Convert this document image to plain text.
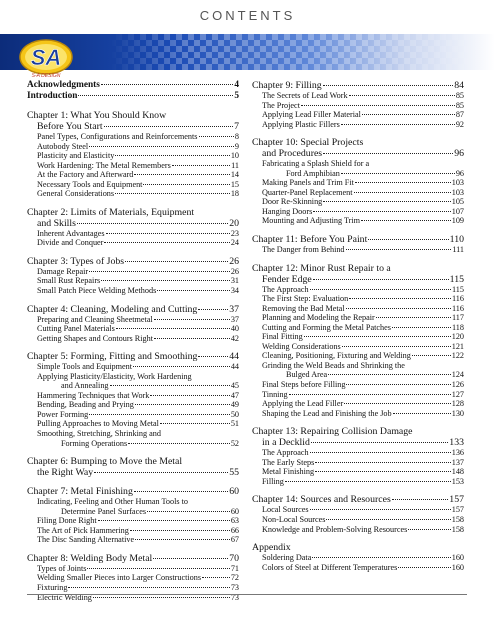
CONTENTS
SA
S-A DESIGN
Acknowledgments	4
Introduction	5
Chapter 1: What You Should Know
Before You Start	7
Panel Types, Configurations and Reinforcements	8
Autobody Steel	9
Plasticity and Elasticity	10
Work Hardening: The Metal Remembers	11
At the Factory and Afterward	14
Necessary Tools and Equipment	15
General Considerations	18
Chapter 2: Limits of Materials, Equipment
and Skills	20
Inherent Advantages	23
Divide and Conquer	24
Chapter 3: Types of Jobs	26
Damage Repair	26
Small Rust Repairs	31
Small Patch Piece Welding Methods	34
Chapter 4: Cleaning, Modeling and Cutting	37
Preparing and Cleaning Sheetmetal	37
Cutting Panel Materials	40
Getting Shapes and Contours Right	42
Chapter 5: Forming, Fitting and Smoothing	44
Simple Tools and Equipment	44
Applying Plasticity/Elasticity, Work Hardening
and Annealing	45
Hammering Techniques that Work	47
Bending, Beading and Prying	49
Power Forming	50
Pulling Approaches to Moving Metal	51
Smoothing, Stretching, Shrinking and
Forming Operations	52
Chapter 6: Bumping to Move the Metal
the Right Way	55
Chapter 7: Metal Finishing	60
Indicating, Feeling and Other Human Tools to
Determine Panel Surfaces	60
Filing Done Right	63
The Art of Pick Hammering	66
The Disc Sanding Alternative	67
Chapter 8: Welding Body Metal	70
Types of Joints	71
Welding Smaller Pieces into Larger Constructions	72
Fixturing	73
Electric Welding	73
Chapter 9: Filling	84
The Secrets of Lead Work	85
The Project	85
Applying Lead Filler Material	87
Applying Plastic Fillers	92
Chapter 10: Special Projects
and Procedures	96
Fabricating a Splash Shield for a
Ford Amphibian	96
Making Panels and Trim Fit	103
Quarter-Panel Replacement	103
Door Re-Skinning	105
Hanging Doors	107
Mounting and Adjusting Trim	109
Chapter 11: Before You Paint	110
The Danger from Behind	111
Chapter 12: Minor Rust Repair to a
Fender Edge	115
The Approach	115
The First Step: Evaluation	116
Removing the Bad Metal	116
Planning and Modeling the Repair	117
Cutting and Forming the Metal Patches	118
Final Fitting	120
Welding Considerations	121
Cleaning, Positioning, Fixturing and Welding	122
Grinding the Weld Beads and Shrinking the
Bulged Area	124
Final Steps before Filling	126
Tinning	127
Applying the Lead Filler	128
Shaping the Lead and Finishing the Job	130
Chapter 13: Repairing Collision Damage
in a Decklid	133
The Approach	136
The Early Steps	137
Metal Finishing	148
Filling	153
Chapter 14: Sources and Resources	157
Local Sources	157
Non-Local Sources	158
Knowledge and Problem-Solving Resources	158
Appendix
Soldering Data	160
Colors of Steel at Different Temperatures	160
